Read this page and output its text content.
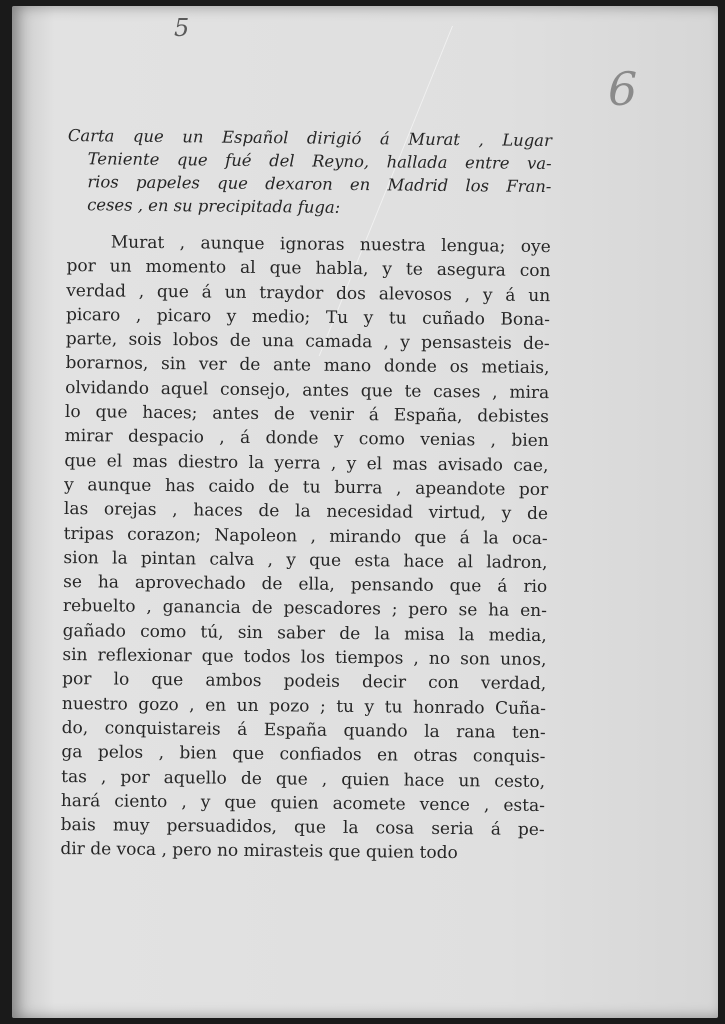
5
6
Carta que un Español dirigió á Murat , Lugar
Teniente que fué del Reyno, hallada entre va-
rios papeles que dexaron en Madrid los Fran-
ceses , en su precipitada fuga:
Murat , aunque ignoras nuestra lengua; oye
por un momento al que habla, y te asegura con
verdad , que á un traydor dos alevosos , y á un
picaro , picaro y medio; Tu y tu cuñado Bona-
parte, sois lobos de una camada , y pensasteis de-
borarnos, sin ver de ante mano donde os metiais,
olvidando aquel consejo, antes que te cases , mira
lo que haces; antes de venir á España, debistes
mirar despacio , á donde y como venias , bien
que el mas diestro la yerra , y el mas avisado cae,
y aunque has caido de tu burra , apeandote por
las orejas , haces de la necesidad virtud, y de
tripas corazon; Napoleon , mirando que á la oca-
sion la pintan calva , y que esta hace al ladron,
se ha aprovechado de ella, pensando que á rio
rebuelto , ganancia de pescadores ; pero se ha en-
gañado como tú, sin saber de la misa la media,
sin reflexionar que todos los tiempos , no son unos,
por lo que ambos podeis decir con verdad,
nuestro gozo , en un pozo ; tu y tu honrado Cuña-
do, conquistareis á España quando la rana ten-
ga pelos , bien que confiados en otras conquis-
tas , por aquello de que , quien hace un cesto,
hará ciento , y que quien acomete vence , esta-
bais muy persuadidos, que la cosa seria á pe-
dir de voca , pero no mirasteis que quien todo
